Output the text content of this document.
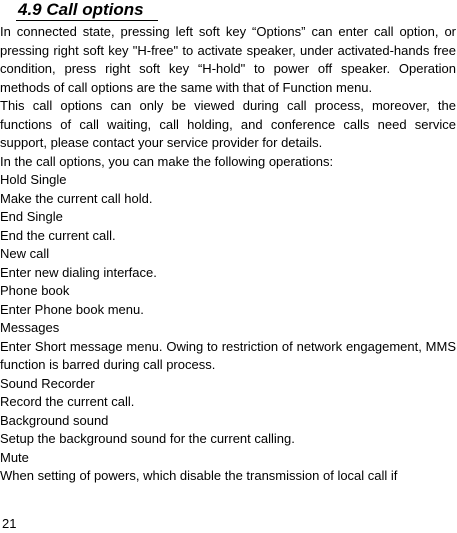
4.9 Call options

In connected state, pressing left soft key “Options” can enter call option, or pressing right soft key "H-free" to activate speaker, under activated-hands free condition, press right soft key “H-hold" to power off speaker. Operation methods of call options are the same with that of Function menu.

This call options can only be viewed during call process, moreover, the functions of call waiting, call holding, and conference calls need service support, please contact your service provider for details.

In the call options, you can make the following operations:

Hold Single

Make the current call hold.

End Single

End the current call.

New call

Enter new dialing interface.

Phone book

Enter Phone book menu.

Messages

Enter Short message menu. Owing to restriction of network engagement, MMS function is barred during call process.

Sound Recorder

Record the current call.

Background sound

Setup the background sound for the current calling.

Mute

When setting of powers, which disable the transmission of local call if

21
